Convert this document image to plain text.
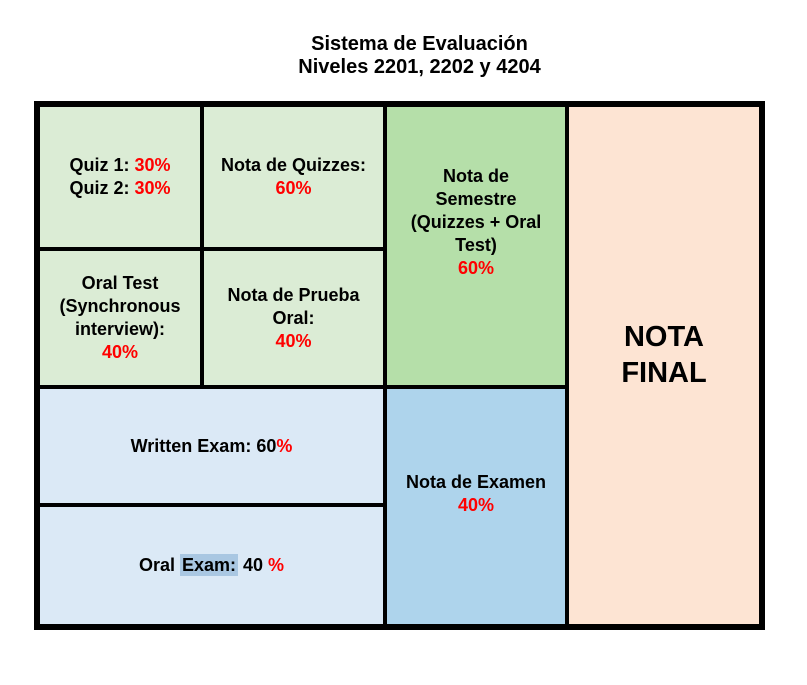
Sistema de Evaluación
Niveles 2201, 2202 y 4204
Quiz 1: 30%
Quiz 2: 30%
Nota de Quizzes:
60%
Oral Test
(Synchronous
interview):
40%
Nota de Prueba
Oral:
40%
Nota de
Semestre
(Quizzes + Oral
Test)
60%
Written Exam: 60%
Oral Exam: 40 %
Nota de Examen
40%
NOTA
FINAL
